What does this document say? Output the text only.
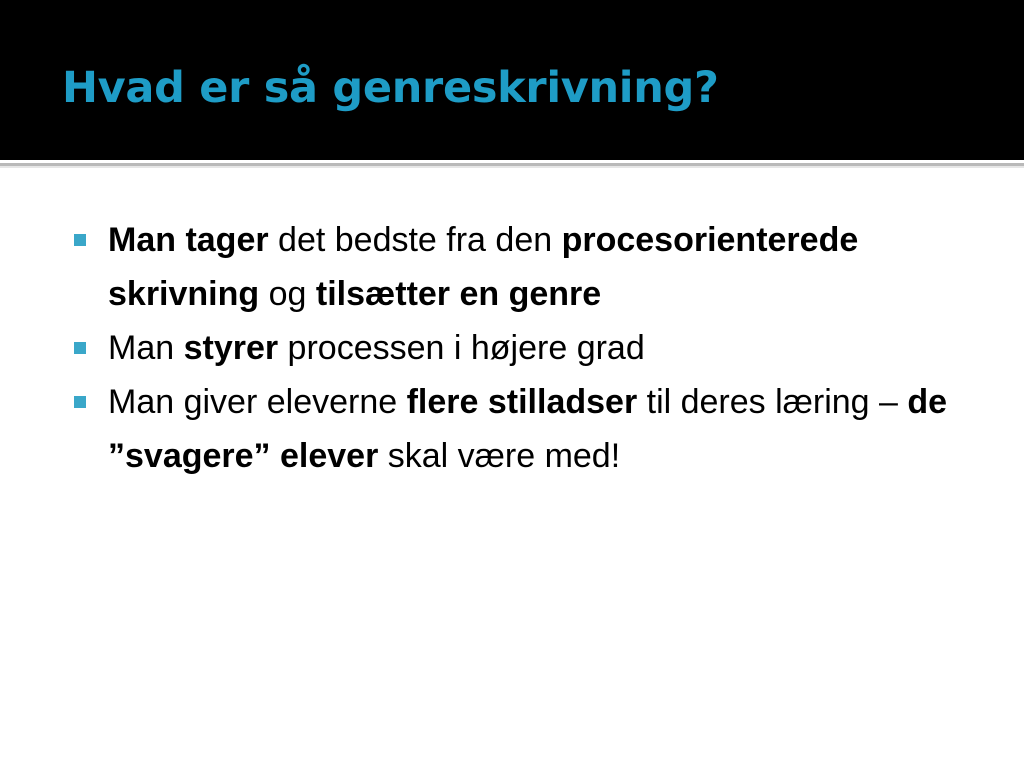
Hvad er så genreskrivning?
Man tager det bedste fra den procesorienterede skrivning og tilsætter en genre
Man styrer processen i højere grad
Man giver eleverne flere stilladser til deres læring – de ”svagere” elever skal være med!
